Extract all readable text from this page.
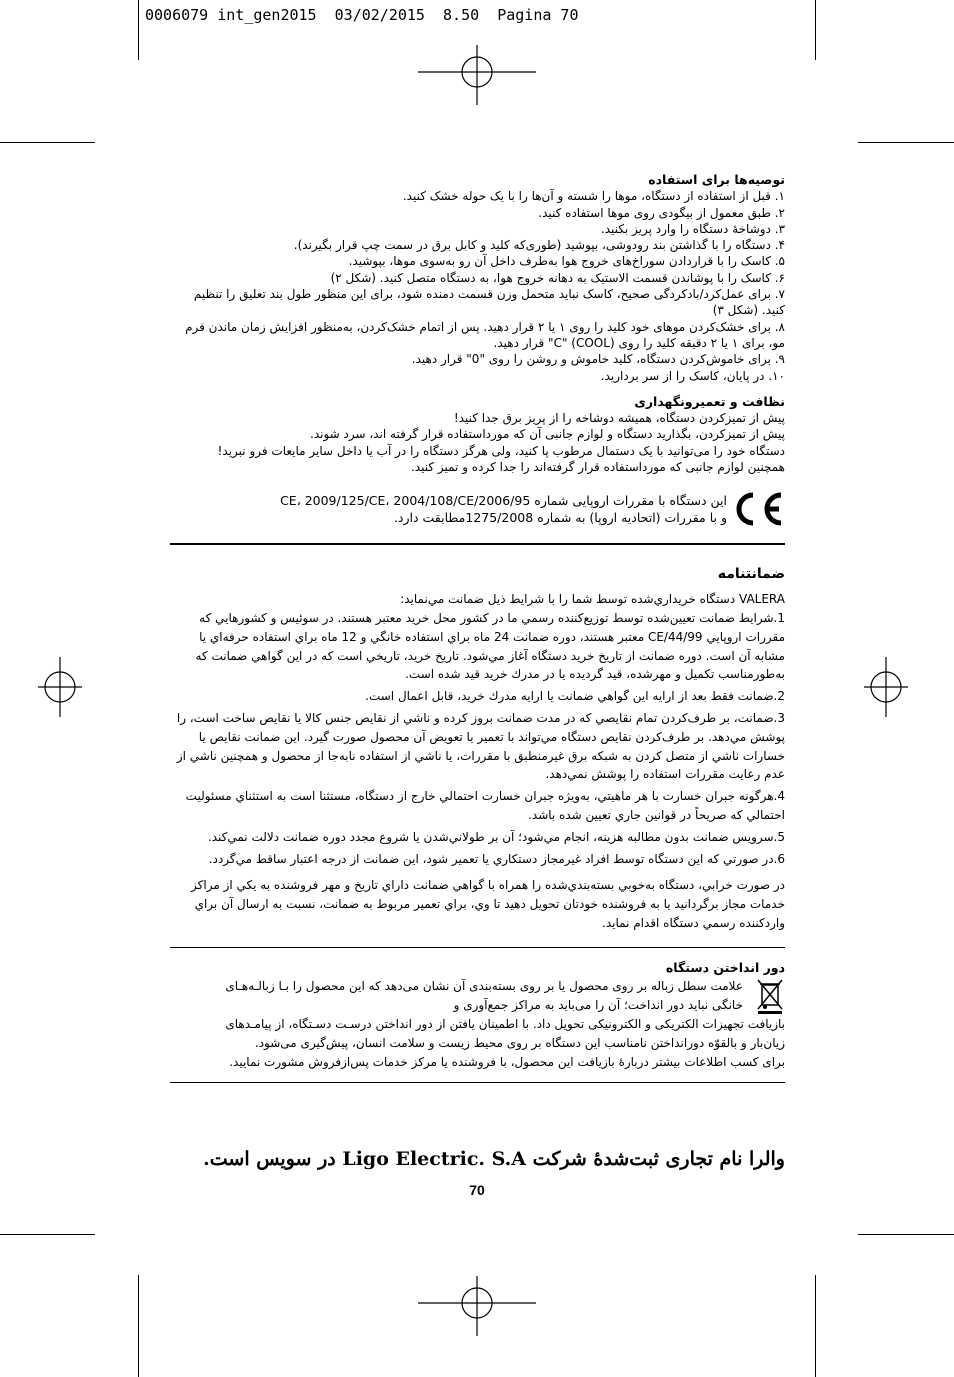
0006079 int_gen2015  03/02/2015  8.50  Pagina 70

توصیه‌ها برای استفاده

۱. قبل از استفاده از دستگاه، موها را شسته و آن‌ها را با یک حوله خشک کنید.

۲. طبق معمول از بیگودی روی موها استفاده کنید.

۳. دوشاخهٔ دستگاه را وارد پریز بکنید.

۴. دستگاه را با گذاشتن بند رودوشی، بپوشید (طوری‌که کلید و کابل برق در سمت چپ قرار بگیرند).

۵. کاسک را با قراردادن سوراخ‌های خروج هوا به‌طرف داخل آن رو به‌سوی موها، بپوشید.

۶. کاسک را با پوشاندن قسمت الاستیک به دهانه خروج هوا، به دستگاه متصل کنید. (شکل ۲)

۷. برای عمل‌کرد/بادکردگی صحیح، کاسک نباید متحمل وزن قسمت دمنده شود، برای این منظور طول بند تعلیق را تنظیم کنید. (شکل ۳)

۸. برای خشک‌کردن موهای خود کلید را روی ۱ یا ۲ قرار دهید. پس از اتمام خشک‌کردن، به‌منظور افزایش زمان ماندن فرم مو، برای ۱ یا ۲ دقیقه کلید را روی (COOL) "C" قرار دهید.

۹. برای خاموش‌کردن دستگاه، کلید خاموش و روشن را روی "0" قرار دهید.

۱۰. در پایان، کاسک را از سر بردارید.

نظافت و تعمیرونگهداری

پیش از تمیزکردن دستگاه، همیشه دوشاخه را از پریز برق جدا کنید!

پیش از تمیزکردن، بگذارید دستگاه و لوازم جانبی آن که مورداستفاده قرار گرفته اند، سرد شوند.

دستگاه خود را می‌توانید با یک دستمال مرطوب پا کنید، ولی هرگز دستگاه را در آب یا داخل سایر مایعات فرو نبرید!

همچنین لوازم جانبی که مورداستفاده قرار گرفته‌اند را جدا کرده و تمیز کنید.

این دستگاه با مقررات اروپایی شماره 2006/95/CE، 2009/125/CE، 2004/108/CE

و با مقررات (اتحادیه اروپا) به شماره 1275/2008مطابقت دارد.

ضمانتنامه

VALERA دستگاه خريداري‌شده توسط شما را با شرايط ذيل ضمانت مي‌نمايد:

1.شرايط ضمانت تعيين‌شده توسط توزيع‌كننده رسمي ما در كشور محل خريد معتبر هستند. در سوئيس و كشورهايي كه مقررات اروپايي 44/99/CE معتبر هستند، دوره ضمانت 24 ماه براي استفاده خانگي و 12 ماه براي استفاده حرفه‌اي يا مشابه آن است. دوره ضمانت از تاريخ خريد دستگاه آغاز مي‌شود. تاريخ خريد، تاريخي است كه در اين گواهي ضمانت كه به‌طورمناسب تكميل و مهرشده، قيد گرديده يا در مدرك خريد قيد شده است.

2.ضمانت فقط بعد از ارايه اين گواهي ضمانت يا ارايه مدرك خريد، قابل اعمال است.

3.ضمانت، بر طرف‌كردن تمام نقايصي كه در مدت ضمانت بروز كرده و ناشي از نقايص جنس كالا يا نقايص ساخت است، را پوشش مي‌دهد. بر طرف‌كردن نقايص دستگاه مي‌تواند با تعمير يا تعويض آن محصول صورت گيرد. اين ضمانت نقايص يا خسارات ناشي از متصل كردن به شبكه برق غيرمنطبق با مقررات، يا ناشي از استفاده نابه‌جا از محصول و همچنين ناشي از عدم رعايت مقررات استفاده را پوشش نمي‌دهد.

4.هرگونه جبران خسارت با هر ماهيتي، به‌ويژه جبران خسارت احتمالي خارج از دستگاه، مستثنا است به استثناي مسئوليت احتمالي كه صريحاً در قوانين جاري تعيين شده باشد.

5.سرويس ضمانت بدون مطالبه هزينه، انجام مي‌شود؛ آن بر طولاني‌شدن يا شروع مجدد دوره ضمانت دلالت نمي‌كند.

6.در صورتي كه اين دستگاه توسط افراد غيرمجاز دستكاري يا تعمير شود، اين ضمانت از درجه اعتبار ساقط مي‌گردد.

در صورت خرابي، دستگاه به‌خوبي بسته‌بندي‌شده را همراه با گواهي ضمانت داراي تاريخ و مهر فروشنده به يكي از مراكز خدمات مجاز برگردانيد يا به فروشنده خودتان تحويل دهيد تا وي، براي تعمير مربوط به ضمانت، نسبت به ارسال آن براي واردكننده رسمي دستگاه اقدام نمايد.

دور انداختن دستگاه

علامت سطل زباله بر روی محصول یا بر روی بسته‌بندی آن نشان می‌دهد که این محصول را بـا زبالـه‌هـای

خانگی نباید دور انداخت؛ آن را می‌باید به مراکز جمع‌آوری و

بازیافت تجهیزات الکتریکی و الکترونیکی تحویل داد. با اطمینان یافتن از دور انداختن درسـت دسـتگاه، از پیامـدهای

زیان‌بار و بالقوّه دورانداختن نامناسب این دستگاه بر روی محیط زیست و سلامت انسان، پیش‌گیری می‌شود.

برای کسب اطلاعات بیشتر دربارهٔ بازیافت این محصول، با فروشنده یا مرکز خدمات پس‌ازفروش مشورت نمایید.

والرا نام تجاری ثبت‌شدهٔ شرکت Ligo Electric. S.A در سویس است.
70
